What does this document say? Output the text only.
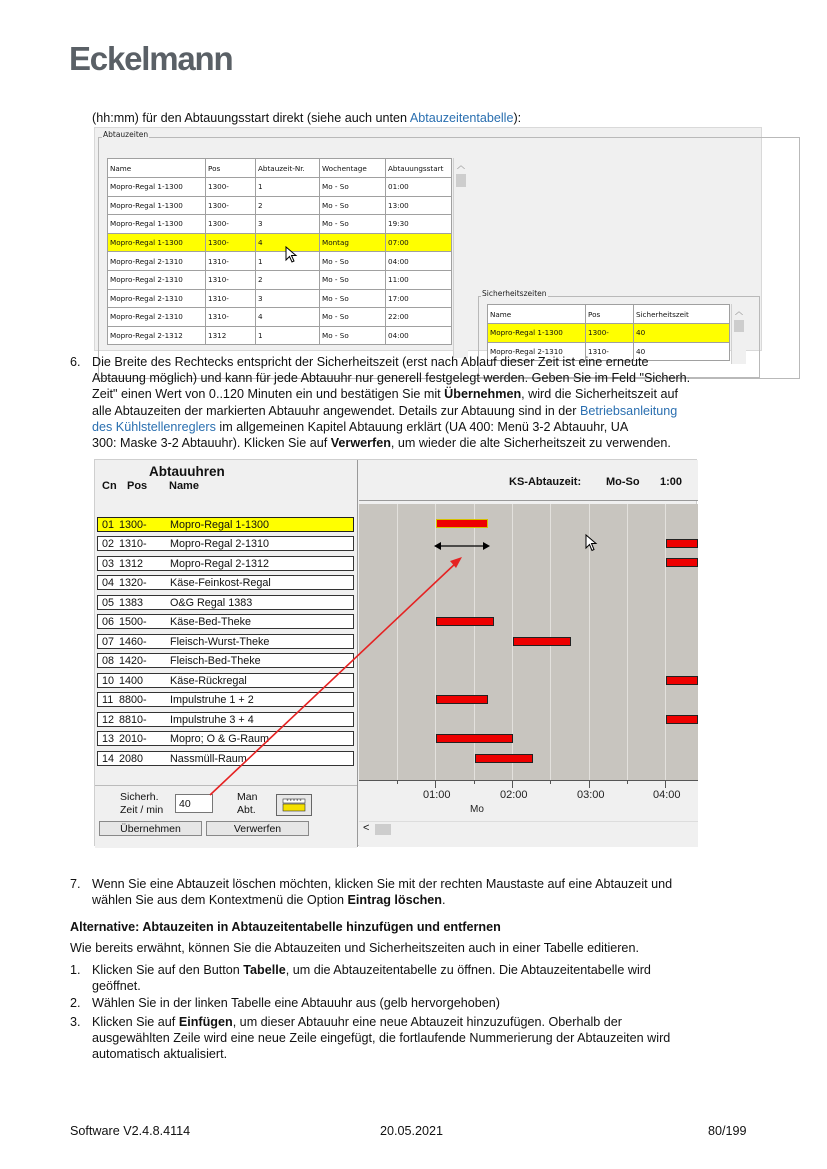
Eckelmann
(hh:mm) für den Abtauungsstart direkt (siehe auch unten Abtauzeitentabelle):
Abtauzeiten
Name	Pos	Abtauzeit-Nr.	Wochentage	Abtauungsstart
Mopro-Regal 1-1300	1300-	1	Mo - So	01:00
Mopro-Regal 1-1300	1300-	2	Mo - So	13:00
Mopro-Regal 1-1300	1300-	3	Mo - So	19:30
Mopro-Regal 1-1300	1300-	4	Montag	07:00
Mopro-Regal 2-1310	1310-	1	Mo - So	04:00
Mopro-Regal 2-1310	1310-	2	Mo - So	11:00
Mopro-Regal 2-1310	1310-	3	Mo - So	17:00
Mopro-Regal 2-1310	1310-	4	Mo - So	22:00
Mopro-Regal 2-1312	1312	1	Mo - So	04:00
︿
Sicherheitszeiten
Name	Pos	Sicherheitszeit
Mopro-Regal 1-1300	1300-	40
Mopro-Regal 2-1310	1310-	40
︿
6. Die Breite des Rechtecks entspricht der Sicherheitszeit (erst nach Ablauf dieser Zeit ist eine erneute
Abtauung möglich) und kann für jede Abtauuhr nur generell festgelegt werden. Geben Sie im Feld "Sicherh.
Zeit" einen Wert von 0..120 Minuten ein und bestätigen Sie mit Übernehmen, wird die Sicherheitszeit auf
alle Abtauzeiten der markierten Abtauuhr angewendet. Details zur Abtauung sind in der Betriebsanleitung
des Kühlstellenreglers im allgemeinen Kapitel Abtauung erklärt (UA 400: Menü 3-2 Abtauuhr, UA
300: Maske 3-2 Abtauuhr). Klicken Sie auf Verwerfen, um wieder die alte Sicherheitszeit zu verwenden.
Abtauuhren
Cn Pos Name
01 1300- Mopro-Regal 1-1300
02 1310- Mopro-Regal 2-1310
03 1312 Mopro-Regal 2-1312
04 1320- Käse-Feinkost-Regal
05 1383 O&G Regal 1383
06 1500- Käse-Bed-Theke
07 1460- Fleisch-Wurst-Theke
08 1420- Fleisch-Bed-Theke
10 1400 Käse-Rückregal
11 8800- Impulstruhe 1 + 2
12 8810- Impulstruhe 3 + 4
13 2010- Mopro; O & G-Raum
14 2080 Nassmüll-Raum
Sicherh.
Zeit / min	40
Man
Abt.
* * * * *
Übernehmen	Verwerfen
KS-Abtauzeit: Mo-So 1:00
01:00	02:00	03:00	04:00
Mo
<
7. Wenn Sie eine Abtauzeit löschen möchten, klicken Sie mit der rechten Maustaste auf eine Abtauzeit und
wählen Sie aus dem Kontextmenü die Option Eintrag löschen.
Alternative: Abtauzeiten in Abtauzeitentabelle hinzufügen und entfernen
Wie bereits erwähnt, können Sie die Abtauzeiten und Sicherheitszeiten auch in einer Tabelle editieren.
1. Klicken Sie auf den Button Tabelle, um die Abtauzeitentabelle zu öffnen. Die Abtauzeitentabelle wird
geöffnet.
2. Wählen Sie in der linken Tabelle eine Abtauuhr aus (gelb hervorgehoben)
3. Klicken Sie auf Einfügen, um dieser Abtauuhr eine neue Abtauzeit hinzuzufügen. Oberhalb der
ausgewählten Zeile wird eine neue Zeile eingefügt, die fortlaufende Nummerierung der Abtauzeiten wird
automatisch aktualisiert.
Software V2.4.8.4114	20.05.2021	80/199
